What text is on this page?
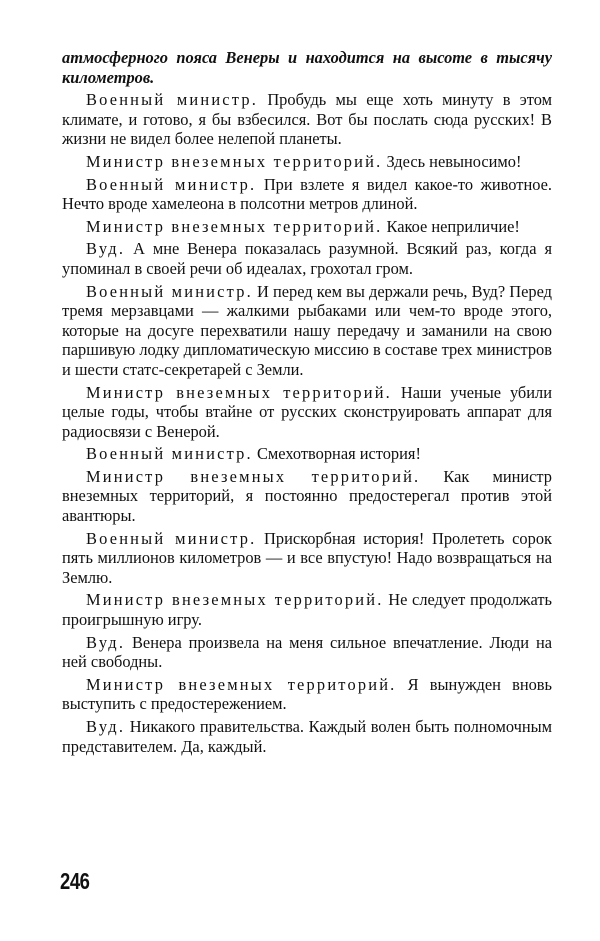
атмосферного пояса Венеры и находится на высоте в тысячу километров.

Военный министр. Пробудь мы еще хоть минуту в этом климате, и готово, я бы взбесился. Вот бы послать сюда русских! В жизни не видел более нелепой планеты.

Министр внеземных территорий. Здесь невыносимо!

Военный министр. При взлете я видел какое-то животное. Нечто вроде хамелеона в полсотни метров длиной.

Министр внеземных территорий. Какое неприличие!

Вуд. А мне Венера показалась разумной. Всякий раз, когда я упоминал в своей речи об идеалах, грохотал гром.

Военный министр. И перед кем вы держали речь, Вуд? Перед тремя мерзавцами — жалкими рыбаками или чем-то вроде этого, которые на досуге перехватили нашу передачу и заманили на свою паршивую лодку дипломатическую миссию в составе трех министров и шести статс-секретарей с Земли.

Министр внеземных территорий. Наши ученые убили целые годы, чтобы втайне от русских сконструировать аппарат для радиосвязи с Венерой.

Военный министр. Смехотворная история!

Министр внеземных территорий. Как министр внеземных территорий, я постоянно предостерегал против этой авантюры.

Военный министр. Прискорбная история! Пролететь сорок пять миллионов километров — и все впустую! Надо возвращаться на Землю.

Министр внеземных территорий. Не следует продолжать проигрышную игру.

Вуд. Венера произвела на меня сильное впечатление. Люди на ней свободны.

Министр внеземных территорий. Я вынужден вновь выступить с предостережением.

Вуд. Никакого правительства. Каждый волен быть полномочным представителем. Да, каждый.

246
